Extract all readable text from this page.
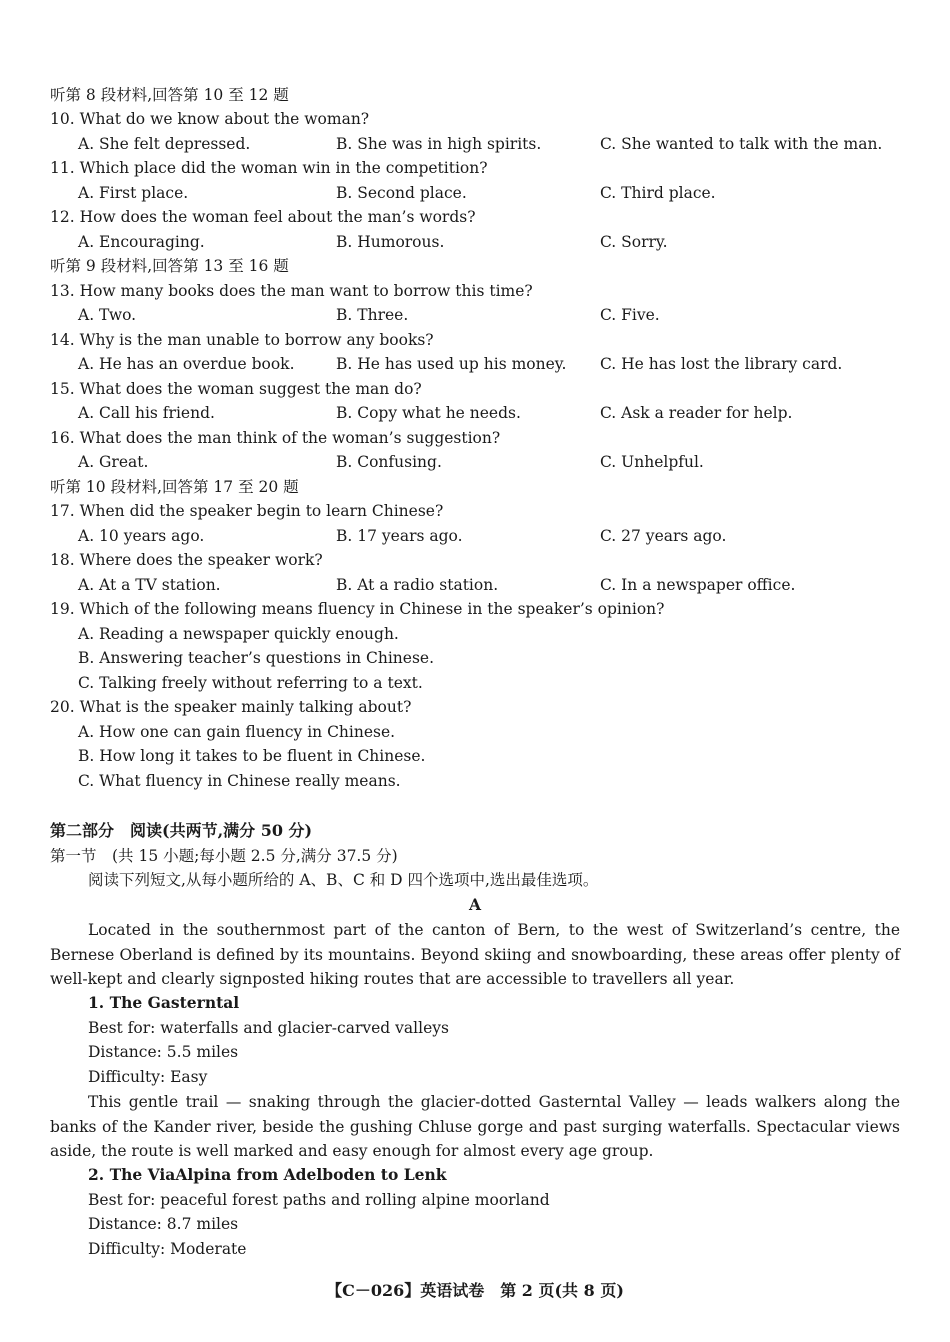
听第 8 段材料,回答第 10 至 12 题
10. What do we know about the woman?
A. She felt depressed.	B. She was in high spirits.	C. She wanted to talk with the man.
11. Which place did the woman win in the competition?
A. First place.	B. Second place.	C. Third place.
12. How does the woman feel about the man’s words?
A. Encouraging.	B. Humorous.	C. Sorry.
听第 9 段材料,回答第 13 至 16 题
13. How many books does the man want to borrow this time?
A. Two.	B. Three.	C. Five.
14. Why is the man unable to borrow any books?
A. He has an overdue book.	B. He has used up his money. C. He has lost the library card.
15. What does the woman suggest the man do?
A. Call his friend.	B. Copy what he needs.	C. Ask a reader for help.
16. What does the man think of the woman’s suggestion?
A. Great.	B. Confusing.	C. Unhelpful.
听第 10 段材料,回答第 17 至 20 题
17. When did the speaker begin to learn Chinese?
A. 10 years ago.	B. 17 years ago.	C. 27 years ago.
18. Where does the speaker work?
A. At a TV station.	B. At a radio station.	C. In a newspaper office.
19. Which of the following means fluency in Chinese in the speaker’s opinion?
A. Reading a newspaper quickly enough.
B. Answering teacher’s questions in Chinese.
C. Talking freely without referring to a text.
20. What is the speaker mainly talking about?
A. How one can gain fluency in Chinese.
B. How long it takes to be fluent in Chinese.
C. What fluency in Chinese really means.
第二部分　阅读(共两节,满分 50 分)
第一节　(共 15 小题;每小题 2.5 分,满分 37.5 分)
阅读下列短文,从每小题所给的 A、B、C 和 D 四个选项中,选出最佳选项。
A
Located in the southernmost part of the canton of Bern, to the west of Switzerland’s centre, the Bernese Oberland is defined by its mountains. Beyond skiing and snowboarding, these areas offer plenty of well-kept and clearly signposted hiking routes that are accessible to travellers all year.
1. The Gasterntal
Best for: waterfalls and glacier-carved valleys
Distance: 5.5 miles
Difficulty: Easy
This gentle trail — snaking through the glacier-dotted Gasterntal Valley — leads walkers along the banks of the Kander river, beside the gushing Chluse gorge and past surging waterfalls. Spectacular views aside, the route is well marked and easy enough for almost every age group.
2. The ViaAlpina from Adelboden to Lenk
Best for: peaceful forest paths and rolling alpine moorland
Distance: 8.7 miles
Difficulty: Moderate
【C－026】英语试卷　第 2 页(共 8 页)
